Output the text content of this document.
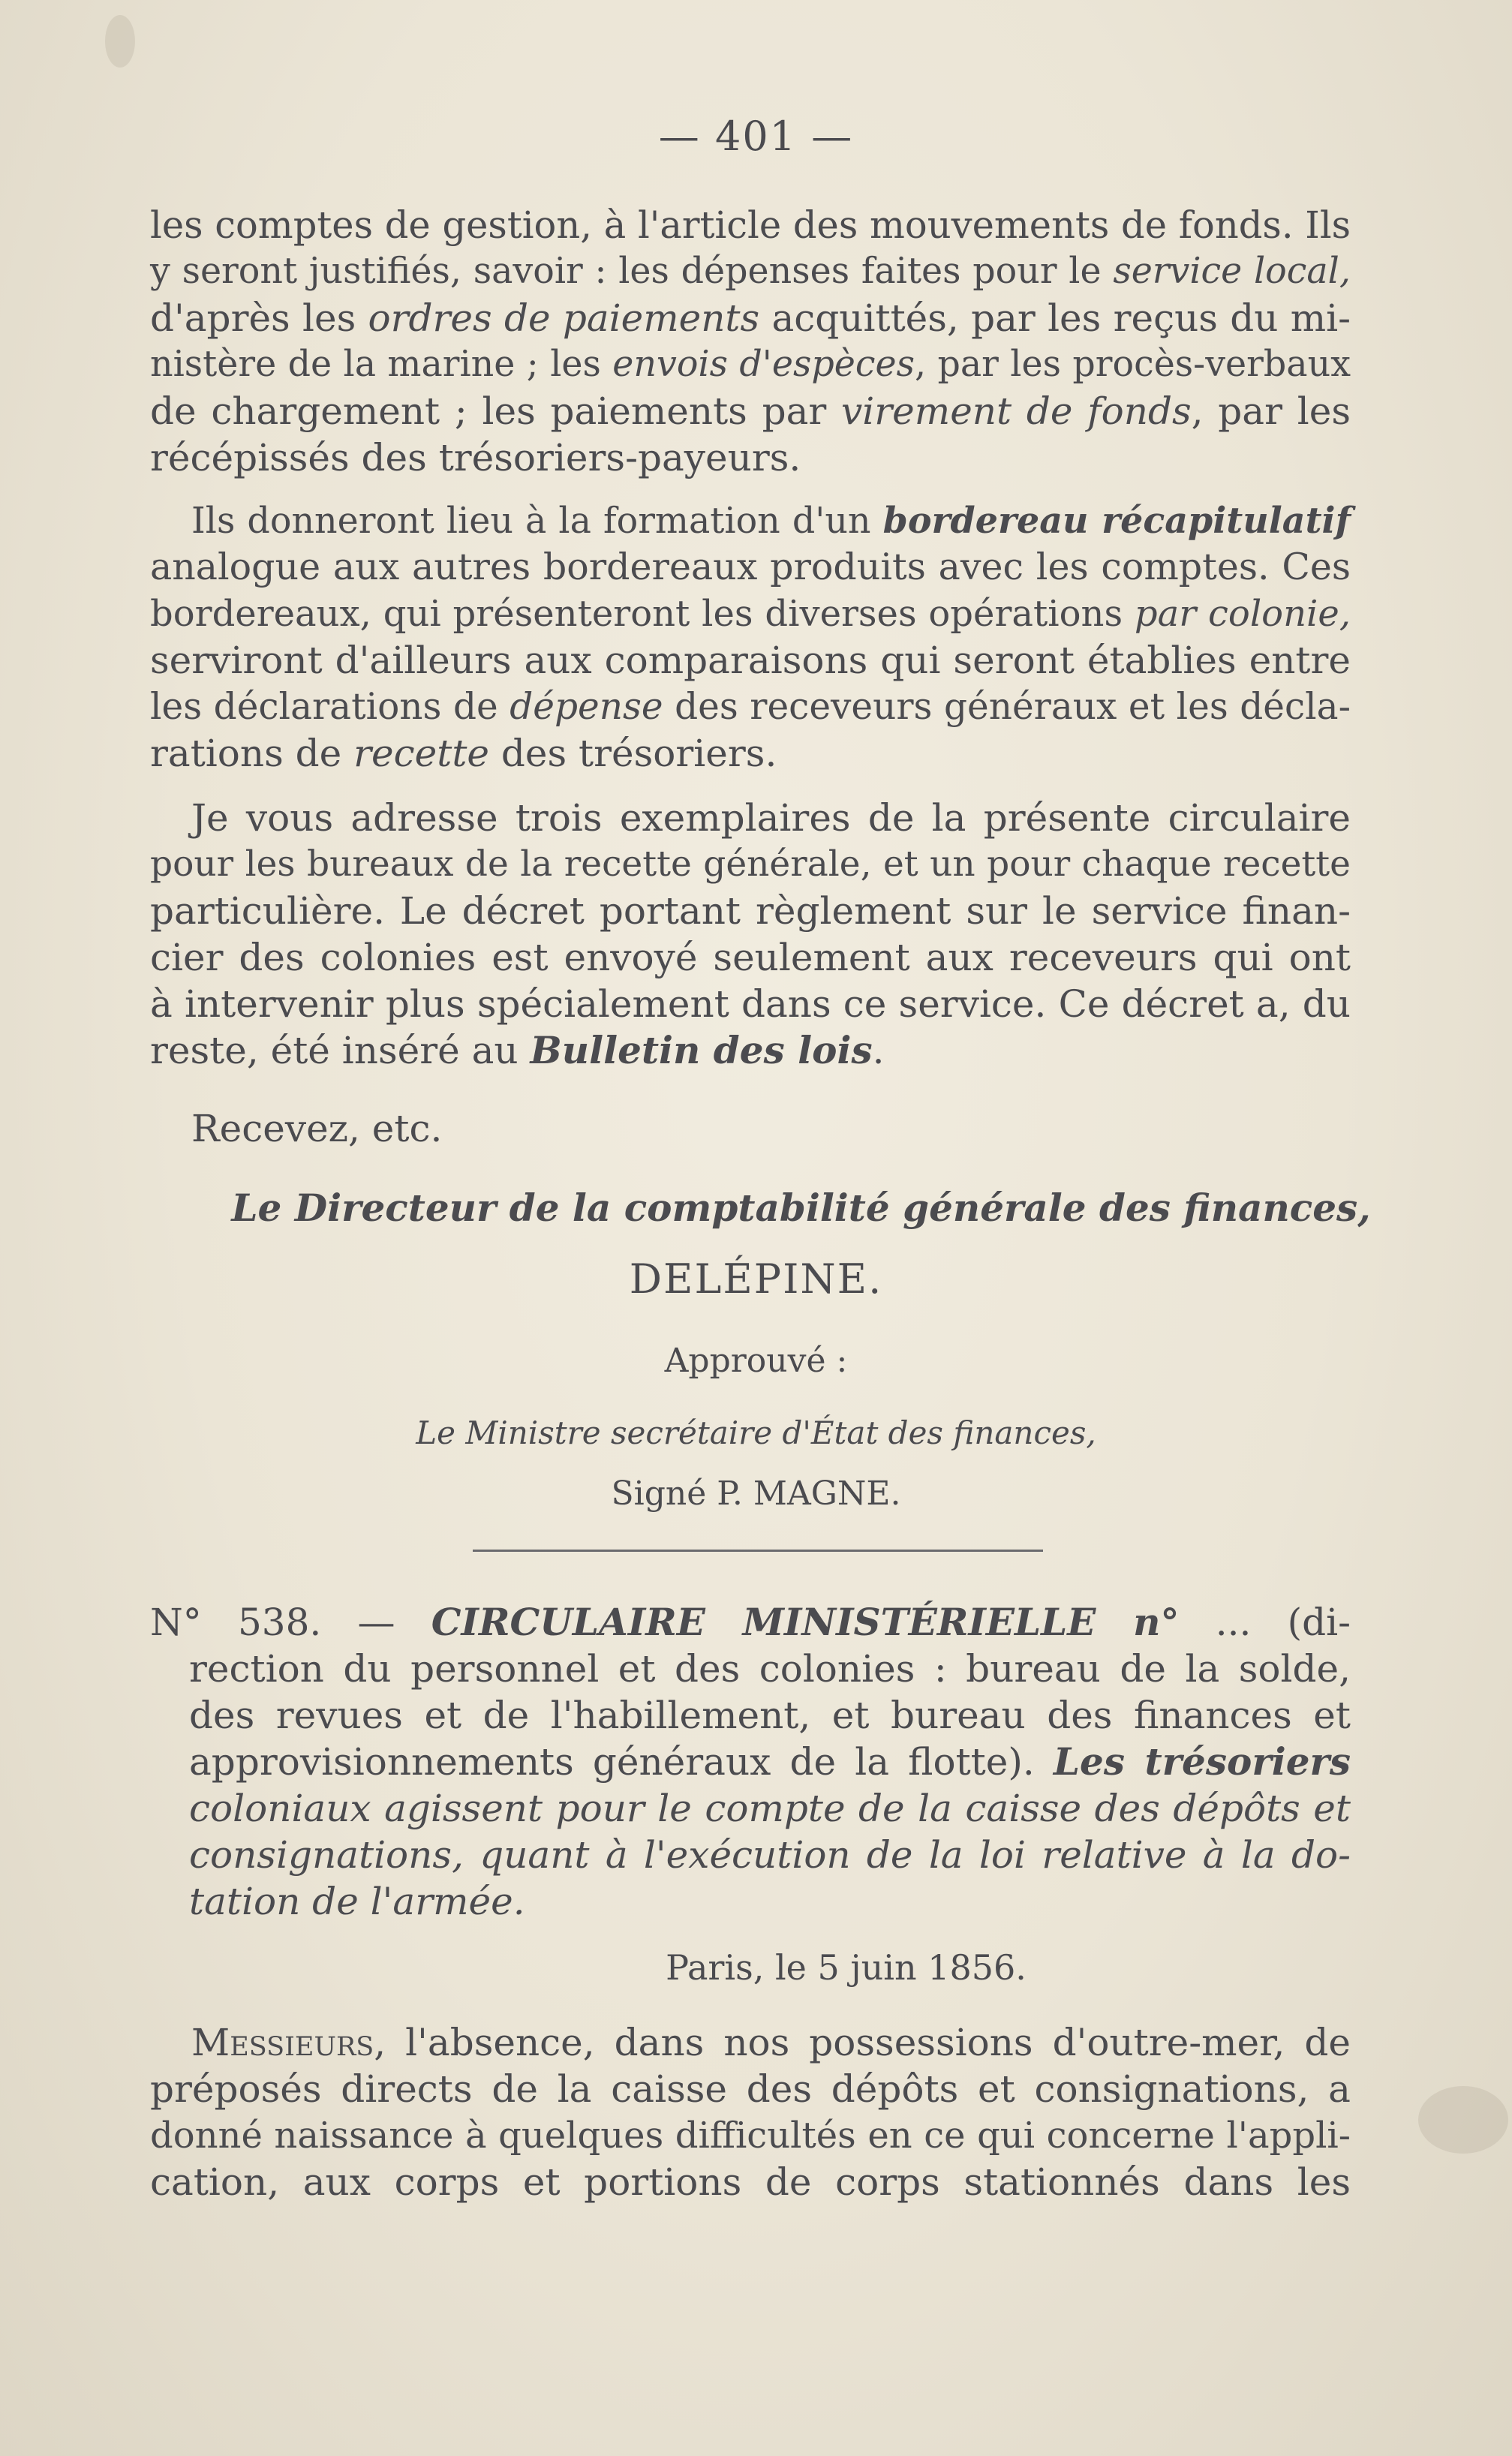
— 401 —
les comptes de gestion, à l'article des mouvements de fonds. Ils
y seront justifiés, savoir : les dépenses faites pour le service local,
d'après les ordres de paiements acquittés, par les reçus du mi-
nistère de la marine ; les envois d'espèces, par les procès-verbaux
de chargement ; les paiements par virement de fonds, par les
récépissés des trésoriers-payeurs.
Ils donneront lieu à la formation d'un bordereau récapitulatif
analogue aux autres bordereaux produits avec les comptes. Ces
bordereaux, qui présenteront les diverses opérations par colonie,
serviront d'ailleurs aux comparaisons qui seront établies entre
les déclarations de dépense des receveurs généraux et les décla-
rations de recette des trésoriers.
Je vous adresse trois exemplaires de la présente circulaire
pour les bureaux de la recette générale, et un pour chaque recette
particulière. Le décret portant règlement sur le service finan-
cier des colonies est envoyé seulement aux receveurs qui ont
à intervenir plus spécialement dans ce service. Ce décret a, du
reste, été inséré au Bulletin des lois.
Recevez, etc.
Le Directeur de la comptabilité générale des finances,
DELÉPINE.
Approuvé :
Le Ministre secrétaire d'État des finances,
Signé P. MAGNE.
N° 538. — CIRCULAIRE MINISTÉRIELLE n° ... (di-
rection du personnel et des colonies : bureau de la solde,
des revues et de l'habillement, et bureau des finances et
approvisionnements généraux de la flotte). Les trésoriers
coloniaux agissent pour le compte de la caisse des dépôts et
consignations, quant à l'exécution de la loi relative à la do-
tation de l'armée.
Paris, le 5 juin 1856.
Messieurs, l'absence, dans nos possessions d'outre-mer, de
préposés directs de la caisse des dépôts et consignations, a
donné naissance à quelques difficultés en ce qui concerne l'appli-
cation, aux corps et portions de corps stationnés dans les
